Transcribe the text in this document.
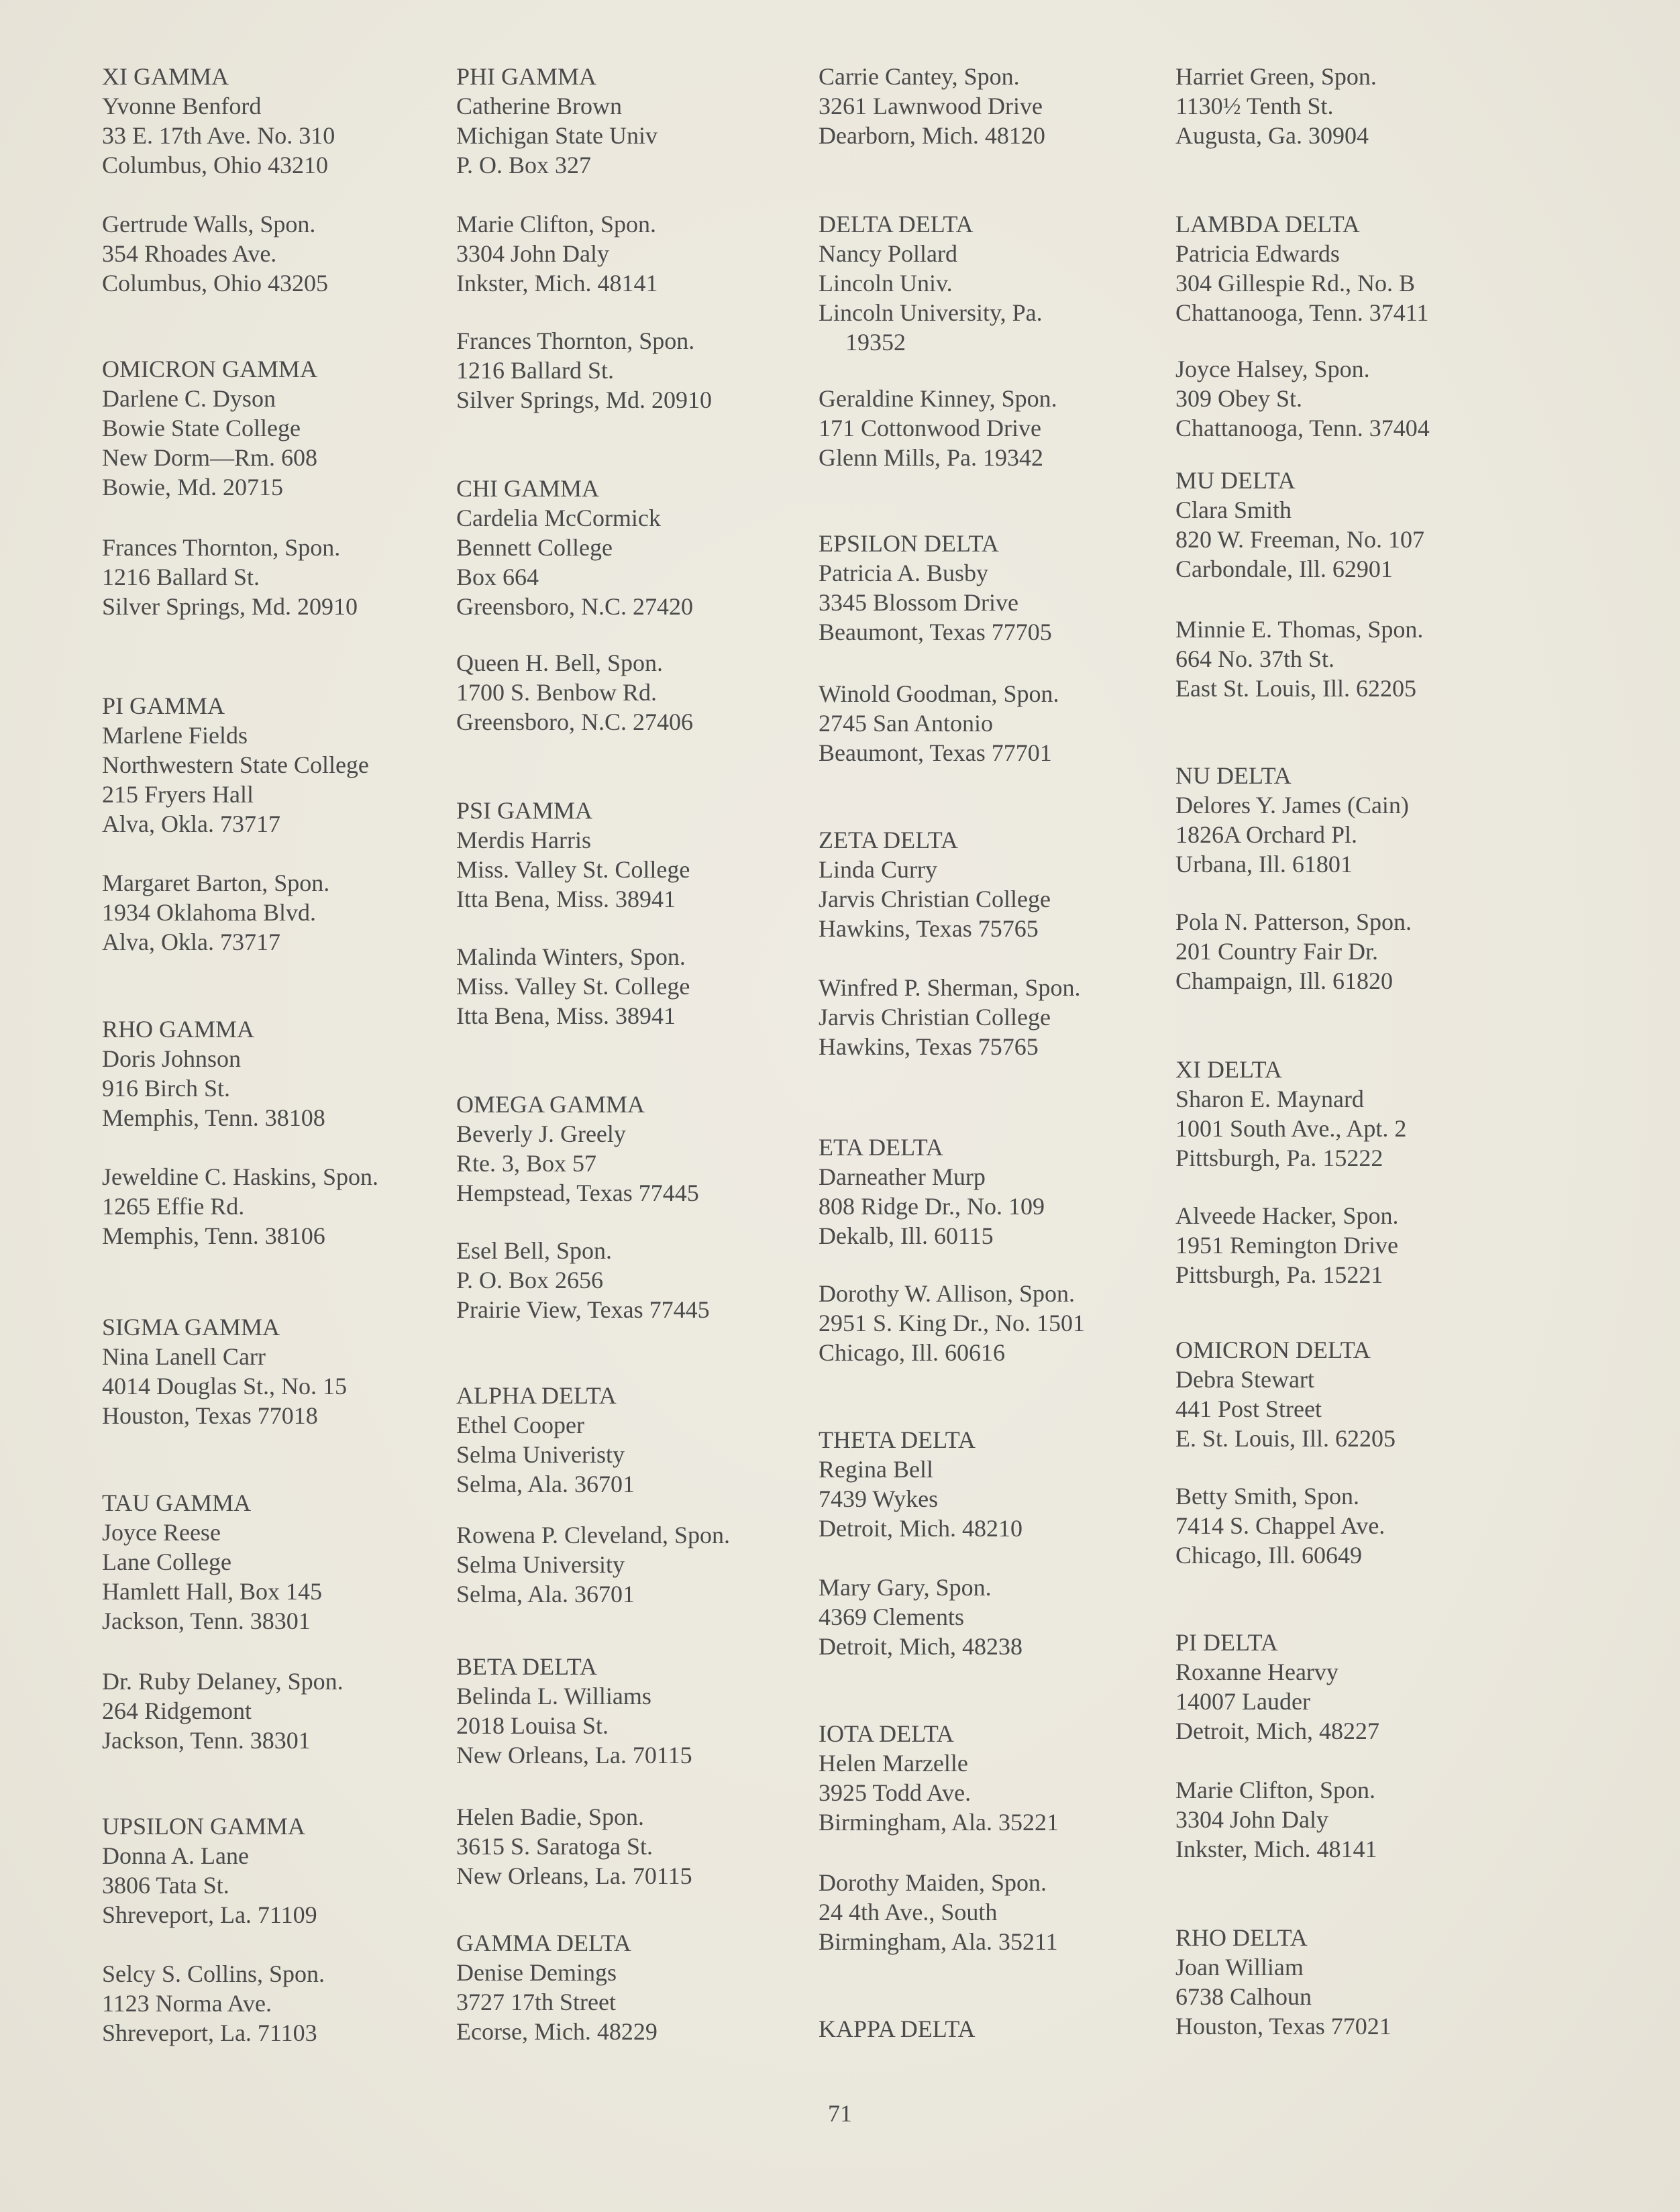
XI GAMMA
Yvonne Benford
33 E. 17th Ave. No. 310
Columbus, Ohio 43210
Gertrude Walls, Spon.
354 Rhoades Ave.
Columbus, Ohio 43205
OMICRON GAMMA
Darlene C. Dyson
Bowie State College
New Dorm—Rm. 608
Bowie, Md. 20715
Frances Thornton, Spon.
1216 Ballard St.
Silver Springs, Md. 20910
PI GAMMA
Marlene Fields
Northwestern State College
215 Fryers Hall
Alva, Okla. 73717
Margaret Barton, Spon.
1934 Oklahoma Blvd.
Alva, Okla. 73717
RHO GAMMA
Doris Johnson
916 Birch St.
Memphis, Tenn. 38108
Jeweldine C. Haskins, Spon.
1265 Effie Rd.
Memphis, Tenn. 38106
SIGMA GAMMA
Nina Lanell Carr
4014 Douglas St., No. 15
Houston, Texas 77018
TAU GAMMA
Joyce Reese
Lane College
Hamlett Hall, Box 145
Jackson, Tenn. 38301
Dr. Ruby Delaney, Spon.
264 Ridgemont
Jackson, Tenn. 38301
UPSILON GAMMA
Donna A. Lane
3806 Tata St.
Shreveport, La. 71109
Selcy S. Collins, Spon.
1123 Norma Ave.
Shreveport, La. 71103
PHI GAMMA
Catherine Brown
Michigan State Univ
P. O. Box 327
Marie Clifton, Spon.
3304 John Daly
Inkster, Mich. 48141
Frances Thornton, Spon.
1216 Ballard St.
Silver Springs, Md. 20910
CHI GAMMA
Cardelia McCormick
Bennett College
Box 664
Greensboro, N.C. 27420
Queen H. Bell, Spon.
1700 S. Benbow Rd.
Greensboro, N.C. 27406
PSI GAMMA
Merdis Harris
Miss. Valley St. College
Itta Bena, Miss. 38941
Malinda Winters, Spon.
Miss. Valley St. College
Itta Bena, Miss. 38941
OMEGA GAMMA
Beverly J. Greely
Rte. 3, Box 57
Hempstead, Texas 77445
Esel Bell, Spon.
P. O. Box 2656
Prairie View, Texas 77445
ALPHA DELTA
Ethel Cooper
Selma Univeristy
Selma, Ala. 36701
Rowena P. Cleveland, Spon.
Selma University
Selma, Ala. 36701
BETA DELTA
Belinda L. Williams
2018 Louisa St.
New Orleans, La. 70115
Helen Badie, Spon.
3615 S. Saratoga St.
New Orleans, La. 70115
GAMMA DELTA
Denise Demings
3727 17th Street
Ecorse, Mich. 48229
Carrie Cantey, Spon.
3261 Lawnwood Drive
Dearborn, Mich. 48120
DELTA DELTA
Nancy Pollard
Lincoln Univ.
Lincoln University, Pa.
19352
Geraldine Kinney, Spon.
171 Cottonwood Drive
Glenn Mills, Pa. 19342
EPSILON DELTA
Patricia A. Busby
3345 Blossom Drive
Beaumont, Texas 77705
Winold Goodman, Spon.
2745 San Antonio
Beaumont, Texas 77701
ZETA DELTA
Linda Curry
Jarvis Christian College
Hawkins, Texas 75765
Winfred P. Sherman, Spon.
Jarvis Christian College
Hawkins, Texas 75765
ETA DELTA
Darneather Murp
808 Ridge Dr., No. 109
Dekalb, Ill. 60115
Dorothy W. Allison, Spon.
2951 S. King Dr., No. 1501
Chicago, Ill. 60616
THETA DELTA
Regina Bell
7439 Wykes
Detroit, Mich. 48210
Mary Gary, Spon.
4369 Clements
Detroit, Mich, 48238
IOTA DELTA
Helen Marzelle
3925 Todd Ave.
Birmingham, Ala. 35221
Dorothy Maiden, Spon.
24 4th Ave., South
Birmingham, Ala. 35211
KAPPA DELTA
Harriet Green, Spon.
1130½ Tenth St.
Augusta, Ga. 30904
LAMBDA DELTA
Patricia Edwards
304 Gillespie Rd., No. B
Chattanooga, Tenn. 37411
Joyce Halsey, Spon.
309 Obey St.
Chattanooga, Tenn. 37404
MU DELTA
Clara Smith
820 W. Freeman, No. 107
Carbondale, Ill. 62901
Minnie E. Thomas, Spon.
664 No. 37th St.
East St. Louis, Ill. 62205
NU DELTA
Delores Y. James (Cain)
1826A Orchard Pl.
Urbana, Ill. 61801
Pola N. Patterson, Spon.
201 Country Fair Dr.
Champaign, Ill. 61820
XI DELTA
Sharon E. Maynard
1001 South Ave., Apt. 2
Pittsburgh, Pa. 15222
Alveede Hacker, Spon.
1951 Remington Drive
Pittsburgh, Pa. 15221
OMICRON DELTA
Debra Stewart
441 Post Street
E. St. Louis, Ill. 62205
Betty Smith, Spon.
7414 S. Chappel Ave.
Chicago, Ill. 60649
PI DELTA
Roxanne Hearvy
14007 Lauder
Detroit, Mich, 48227
Marie Clifton, Spon.
3304 John Daly
Inkster, Mich. 48141
RHO DELTA
Joan William
6738 Calhoun
Houston, Texas 77021
71
